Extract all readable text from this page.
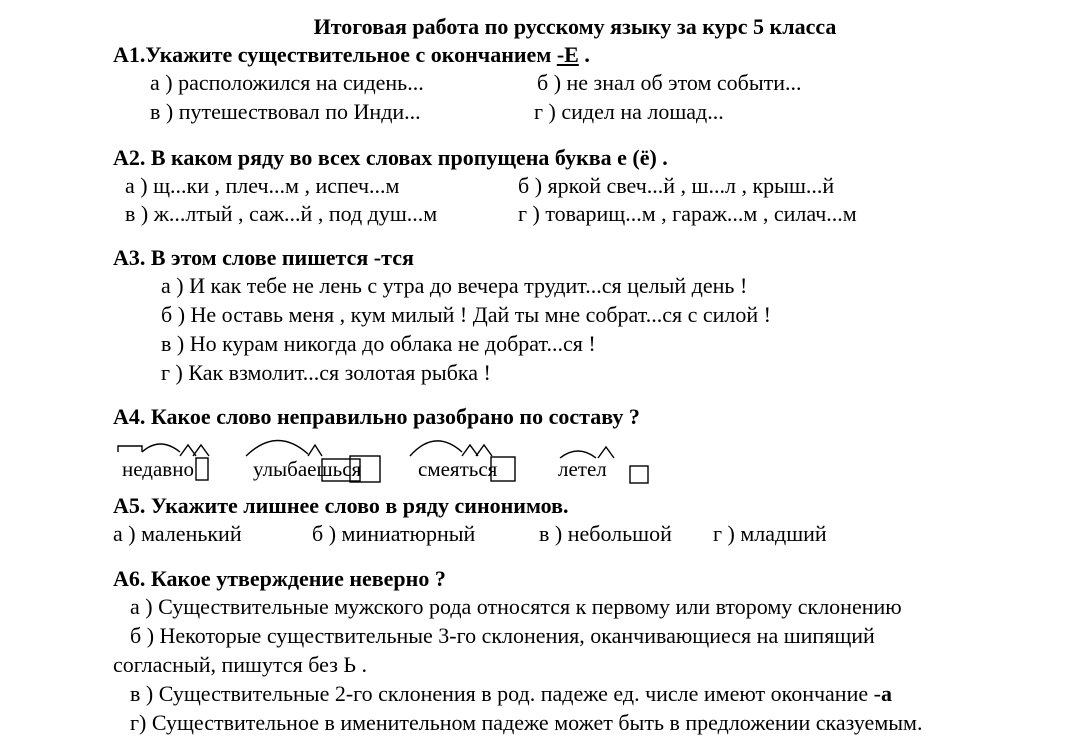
Итоговая работа по русскому языку за курс 5 класса
А1.Укажите существительное с окончанием -Е .
а ) расположился на сидень...	б ) не знал об этом событи...
в ) путешествовал по Инди...	г ) сидел на лошад...
А2. В каком ряду во всех словах пропущена буква е (ё) .
а ) щ...ки , плеч...м , испеч...м	б ) яркой свеч...й , ш...л , крыш...й
в ) ж...лтый , саж...й , под душ...м	г ) товарищ...м , гараж...м , силач...м
А3. В этом слове пишется -тся
а ) И как тебе не лень с утра до вечера трудит...ся целый день !
б ) Не оставь меня , кум милый ! Дай ты мне собрат...ся с силой !
в ) Но курам никогда до облака не добрат...ся !
г ) Как взмолит...ся золотая рыбка !
А4. Какое слово неправильно разобрано по составу ?
недавно	улыбаешься	смеяться	летел
А5. Укажите лишнее слово в ряду синонимов.
а ) маленький	б ) миниатюрный	в ) небольшой г ) младший
А6. Какое утверждение неверно ?
а ) Существительные мужского рода относятся к первому или второму склонению
б ) Некоторые существительные 3-го склонения, оканчивающиеся на шипящий
согласный, пишутся без Ь .
в ) Существительные 2-го склонения в род. падеже ед. числе имеют окончание -а
г) Существительное в именительном падеже может быть в предложении сказуемым.
